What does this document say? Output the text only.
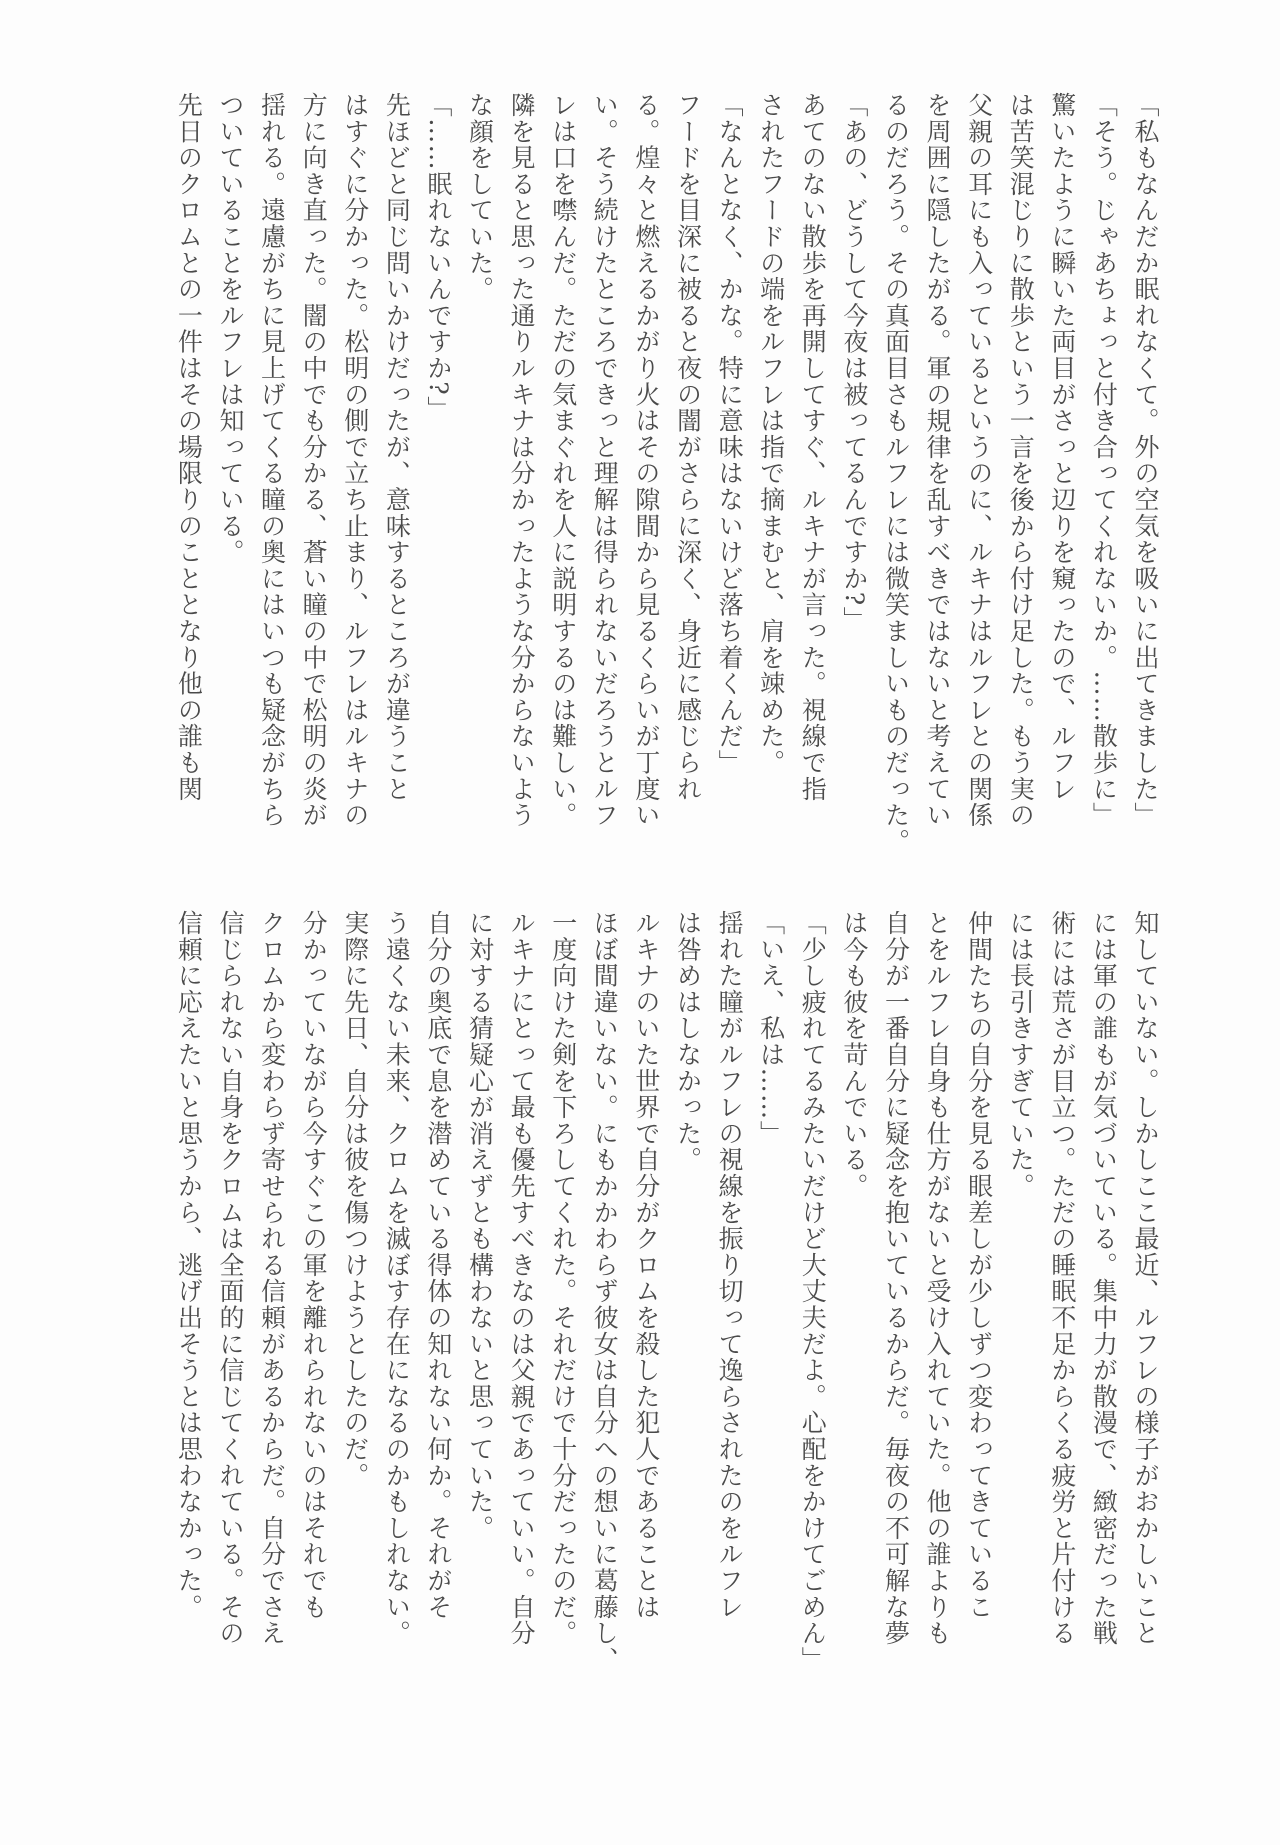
「私もなんだか眠れなくて。外の空気を吸いに出てきました」
「そう。じゃあちょっと付き合ってくれないか。……散歩に」
驚いたように瞬いた両目がさっと辺りを窺ったので、ルフレ
は苦笑混じりに散歩という一言を後から付け足した。もう実の
父親の耳にも入っているというのに、ルキナはルフレとの関係
を周囲に隠したがる。軍の規律を乱すべきではないと考えてい
るのだろう。その真面目さもルフレには微笑ましいものだった。
「あの、どうして今夜は被ってるんですか?」
あてのない散歩を再開してすぐ、ルキナが言った。視線で指
されたフードの端をルフレは指で摘まむと、肩を竦めた。
「なんとなく、かな。特に意味はないけど落ち着くんだ」
フードを目深に被ると夜の闇がさらに深く、身近に感じられ
る。煌々と燃えるかがり火はその隙間から見るくらいが丁度い
い。そう続けたところできっと理解は得られないだろうとルフ
レは口を噤んだ。ただの気まぐれを人に説明するのは難しい。
隣を見ると思った通りルキナは分かったような分からないよう
な顔をしていた。
「……眠れないんですか?」
先ほどと同じ問いかけだったが、意味するところが違うこと
はすぐに分かった。松明の側で立ち止まり、ルフレはルキナの
方に向き直った。闇の中でも分かる、蒼い瞳の中で松明の炎が
揺れる。遠慮がちに見上げてくる瞳の奥にはいつも疑念がちら
ついていることをルフレは知っている。
先日のクロムとの一件はその場限りのこととなり他の誰も関
知していない。しかしここ最近、ルフレの様子がおかしいこと
には軍の誰もが気づいている。集中力が散漫で、緻密だった戦
術には荒さが目立つ。ただの睡眠不足からくる疲労と片付ける
には長引きすぎていた。
仲間たちの自分を見る眼差しが少しずつ変わってきているこ
とをルフレ自身も仕方がないと受け入れていた。他の誰よりも
自分が一番自分に疑念を抱いているからだ。毎夜の不可解な夢
は今も彼を苛んでいる。
「少し疲れてるみたいだけど大丈夫だよ。心配をかけてごめん」
「いえ、私は……」
揺れた瞳がルフレの視線を振り切って逸らされたのをルフレ
は咎めはしなかった。
ルキナのいた世界で自分がクロムを殺した犯人であることは
ほぼ間違いない。にもかかわらず彼女は自分への想いに葛藤し、
一度向けた剣を下ろしてくれた。それだけで十分だったのだ。
ルキナにとって最も優先すべきなのは父親であっていい。自分
に対する猜疑心が消えずとも構わないと思っていた。
自分の奥底で息を潜めている得体の知れない何か。それがそ
う遠くない未来、クロムを滅ぼす存在になるのかもしれない。
実際に先日、自分は彼を傷つけようとしたのだ。
分かっていながら今すぐこの軍を離れられないのはそれでも
クロムから変わらず寄せられる信頼があるからだ。自分でさえ
信じられない自身をクロムは全面的に信じてくれている。その
信頼に応えたいと思うから、逃げ出そうとは思わなかった。
